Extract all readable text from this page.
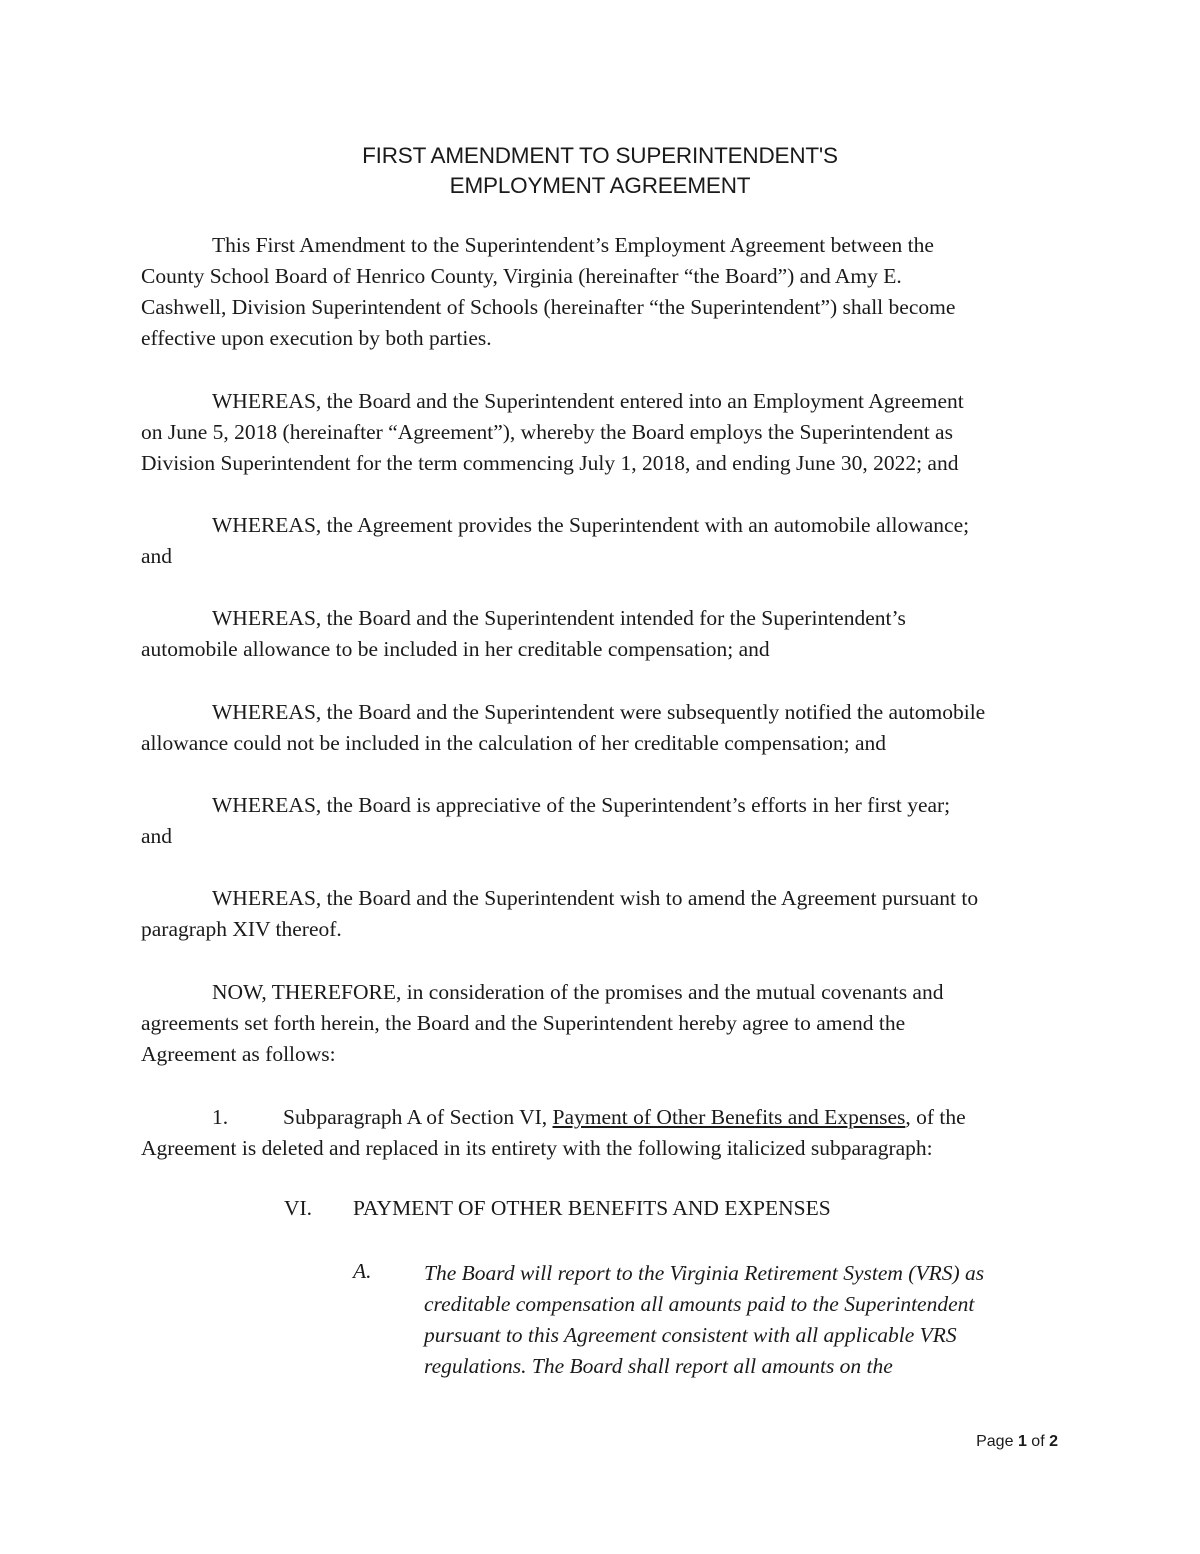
FIRST AMENDMENT TO SUPERINTENDENT'S
EMPLOYMENT AGREEMENT
This First Amendment to the Superintendent’s Employment Agreement between the
County School Board of Henrico County, Virginia (hereinafter “the Board”) and Amy E.
Cashwell, Division Superintendent of Schools (hereinafter “the Superintendent”) shall become
effective upon execution by both parties.
WHEREAS, the Board and the Superintendent entered into an Employment Agreement
on June 5, 2018 (hereinafter “Agreement”), whereby the Board employs the Superintendent as
Division Superintendent for the term commencing July 1, 2018, and ending June 30, 2022; and
WHEREAS, the Agreement provides the Superintendent with an automobile allowance;
and
WHEREAS, the Board and the Superintendent intended for the Superintendent’s
automobile allowance to be included in her creditable compensation; and
WHEREAS, the Board and the Superintendent were subsequently notified the automobile
allowance could not be included in the calculation of her creditable compensation; and
WHEREAS, the Board is appreciative of the Superintendent’s efforts in her first year;
and
WHEREAS, the Board and the Superintendent wish to amend the Agreement pursuant to
paragraph XIV thereof.
NOW, THEREFORE, in consideration of the promises and the mutual covenants and
agreements set forth herein, the Board and the Superintendent hereby agree to amend the
Agreement as follows:
1.	Subparagraph A of Section VI, Payment of Other Benefits and Expenses, of the
Agreement is deleted and replaced in its entirety with the following italicized subparagraph:
VI. PAYMENT OF OTHER BENEFITS AND EXPENSES
A. The Board will report to the Virginia Retirement System (VRS) as
creditable compensation all amounts paid to the Superintendent
pursuant to this Agreement consistent with all applicable VRS
regulations. The Board shall report all amounts on the
Page 1 of 2
